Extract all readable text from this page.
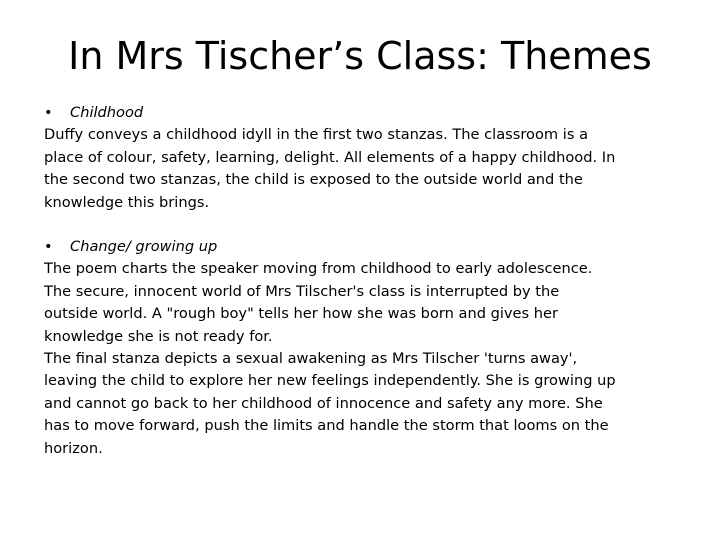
In Mrs Tischer’s Class: Themes
•	Childhood

Duffy conveys a childhood idyll in the first two stanzas. The classroom is a

place of colour, safety, learning, delight. All elements of a happy childhood. In

the second two stanzas, the child is exposed to the outside world and the

knowledge this brings.

•	Change/ growing up

The poem charts the speaker moving from childhood to early adolescence.

The secure, innocent world of Mrs Tilscher's class is interrupted by the

outside world. A "rough boy" tells her how she was born and gives her

knowledge she is not ready for.

The final stanza depicts a sexual awakening as Mrs Tilscher 'turns away',

leaving the child to explore her new feelings independently. She is growing up

and cannot go back to her childhood of innocence and safety any more. She

has to move forward, push the limits and handle the storm that looms on the

horizon.
